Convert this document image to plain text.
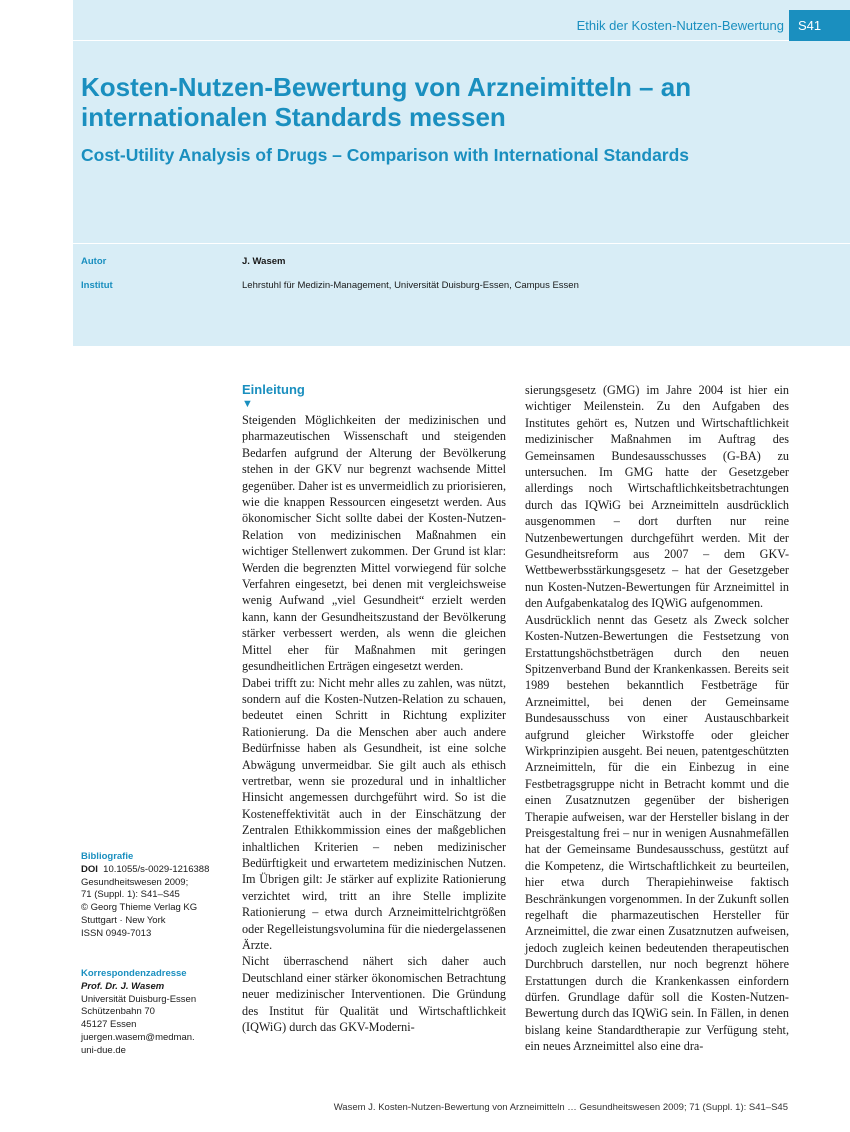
Ethik der Kosten-Nutzen-Bewertung S41
Kosten-Nutzen-Bewertung von Arzneimitteln – an internationalen Standards messen
Cost-Utility Analysis of Drugs – Comparison with International Standards
Autor	J. Wasem
Institut	Lehrstuhl für Medizin-Management, Universität Duisburg-Essen, Campus Essen
Bibliografie
DOI 10.1055/s-0029-1216388
Gesundheitswesen 2009;
71 (Suppl. 1): S41–S45
© Georg Thieme Verlag KG
Stuttgart · New York
ISSN 0949-7013
Korrespondenzadresse
Prof. Dr. J. Wasem
Universität Duisburg-Essen
Schützenbahn 70
45127 Essen
juergen.wasem@medman.
uni-due.de
Einleitung
▼

Steigenden Möglichkeiten der medizinischen und pharmazeutischen Wissenschaft und steigenden Bedarfen aufgrund der Alterung der Bevölkerung stehen in der GKV nur begrenzt wachsende Mittel gegenüber. Daher ist es unvermeidlich zu priorisieren, wie die knappen Ressourcen eingesetzt werden. Aus ökonomischer Sicht sollte dabei der Kosten-Nutzen-Relation von medizinischen Maßnahmen ein wichtiger Stellenwert zukommen. Der Grund ist klar: Werden die begrenzten Mittel vorwiegend für solche Verfahren eingesetzt, bei denen mit vergleichsweise wenig Aufwand „viel Gesundheit“ erzielt werden kann, kann der Gesundheitszustand der Bevölkerung stärker verbessert werden, als wenn die gleichen Mittel eher für Maßnahmen mit geringen gesundheitlichen Erträgen eingesetzt werden.

Dabei trifft zu: Nicht mehr alles zu zahlen, was nützt, sondern auf die Kosten-Nutzen-Relation zu schauen, bedeutet einen Schritt in Richtung expliziter Rationierung. Da die Menschen aber auch andere Bedürfnisse haben als Gesundheit, ist eine solche Abwägung unvermeidbar. Sie gilt auch als ethisch vertretbar, wenn sie prozedural und in inhaltlicher Hinsicht angemessen durchgeführt wird. So ist die Kosteneffektivität auch in der Einschätzung der Zentralen Ethikkommission eines der maßgeblichen inhaltlichen Kriterien – neben medizinischer Bedürftigkeit und erwartetem medizinischen Nutzen. Im Übrigen gilt: Je stärker auf explizite Rationierung verzichtet wird, tritt an ihre Stelle implizite Rationierung – etwa durch Arzneimittelrichtgrößen oder Regelleistungsvolumina für die niedergelassenen Ärzte.

Nicht überraschend nähert sich daher auch Deutschland einer stärker ökonomischen Betrachtung neuer medizinischer Interventionen. Die Gründung des Institut für Qualität und Wirtschaftlichkeit (IQWiG) durch das GKV-Moderni-

sierungsgesetz (GMG) im Jahre 2004 ist hier ein wichtiger Meilenstein. Zu den Aufgaben des Institutes gehört es, Nutzen und Wirtschaftlichkeit medizinischer Maßnahmen im Auftrag des Gemeinsamen Bundesausschusses (G-BA) zu untersuchen. Im GMG hatte der Gesetzgeber allerdings noch Wirtschaftlichkeitsbetrachtungen durch das IQWiG bei Arzneimitteln ausdrücklich ausgenommen – dort durften nur reine Nutzenbewertungen durchgeführt werden. Mit der Gesundheitsreform aus 2007 – dem GKV-Wettbewerbsstärkungsgesetz – hat der Gesetzgeber nun Kosten-Nutzen-Bewertungen für Arzneimittel in den Aufgabenkatalog des IQWiG aufgenommen.

Ausdrücklich nennt das Gesetz als Zweck solcher Kosten-Nutzen-Bewertungen die Festsetzung von Erstattungshöchstbeträgen durch den neuen Spitzenverband Bund der Krankenkassen. Bereits seit 1989 bestehen bekanntlich Festbeträge für Arzneimittel, bei denen der Gemeinsame Bundesausschuss von einer Austauschbarkeit aufgrund gleicher Wirkstoffe oder gleicher Wirkprinzipien ausgeht. Bei neuen, patentgeschützten Arzneimitteln, für die ein Einbezug in eine Festbetragsgruppe nicht in Betracht kommt und die einen Zusatznutzen gegenüber der bisherigen Therapie aufweisen, war der Hersteller bislang in der Preisgestaltung frei – nur in wenigen Ausnahmefällen hat der Gemeinsame Bundesausschuss, gestützt auf die Kompetenz, die Wirtschaftlichkeit zu beurteilen, hier etwa durch Therapiehinweise faktisch Beschränkungen vorgenommen. In der Zukunft sollen regelhaft die pharmazeutischen Hersteller für Arzneimittel, die zwar einen Zusatznutzen aufweisen, jedoch zugleich keinen bedeutenden therapeutischen Durchbruch darstellen, nur noch begrenzt höhere Erstattungen durch die Krankenkassen einfordern dürfen. Grundlage dafür soll die Kosten-Nutzen-Bewertung durch das IQWiG sein. In Fällen, in denen bislang keine Standardtherapie zur Verfügung steht, ein neues Arzneimittel also eine dra-

Wasem J. Kosten-Nutzen-Bewertung von Arzneimitteln … Gesundheitswesen 2009; 71 (Suppl. 1): S41–S45
